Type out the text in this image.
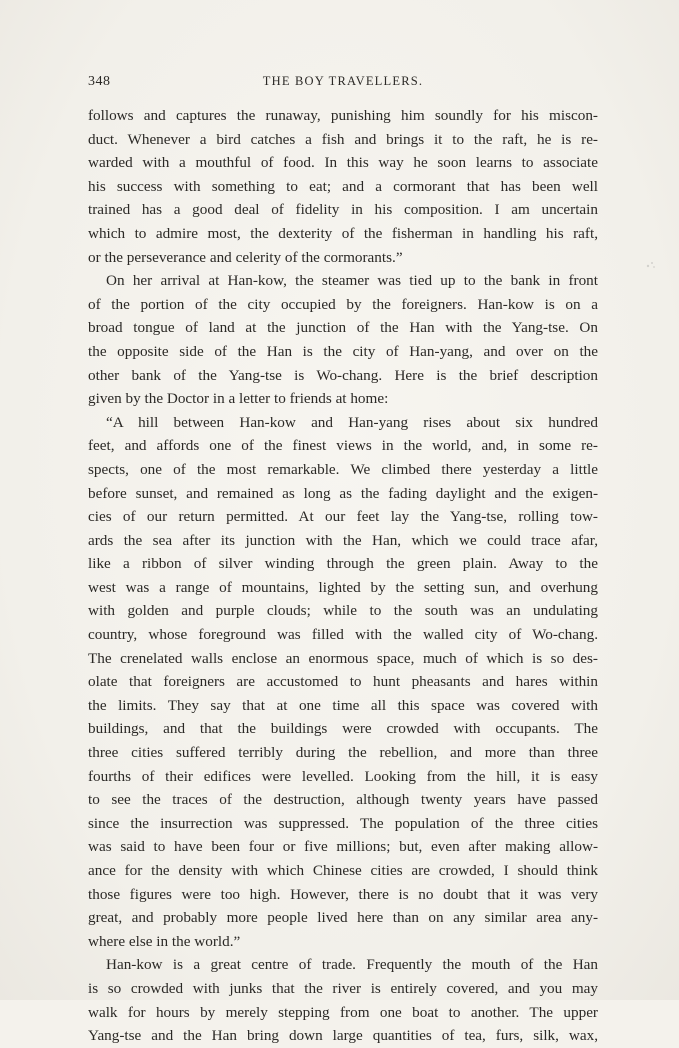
348	THE BOY TRAVELLERS.
follows and captures the runaway, punishing him soundly for his miscon-
duct. Whenever a bird catches a fish and brings it to the raft, he is re-
warded with a mouthful of food. In this way he soon learns to associate
his success with something to eat; and a cormorant that has been well
trained has a good deal of fidelity in his composition. I am uncertain
which to admire most, the dexterity of the fisherman in handling his raft,
or the perseverance and celerity of the cormorants.”
On her arrival at Han-kow, the steamer was tied up to the bank in front
of the portion of the city occupied by the foreigners. Han-kow is on a
broad tongue of land at the junction of the Han with the Yang-tse. On
the opposite side of the Han is the city of Han-yang, and over on the
other bank of the Yang-tse is Wo-chang. Here is the brief description
given by the Doctor in a letter to friends at home:
“A hill between Han-kow and Han-yang rises about six hundred
feet, and affords one of the finest views in the world, and, in some re-
spects, one of the most remarkable. We climbed there yesterday a little
before sunset, and remained as long as the fading daylight and the exigen-
cies of our return permitted. At our feet lay the Yang-tse, rolling tow-
ards the sea after its junction with the Han, which we could trace afar,
like a ribbon of silver winding through the green plain. Away to the
west was a range of mountains, lighted by the setting sun, and overhung
with golden and purple clouds; while to the south was an undulating
country, whose foreground was filled with the walled city of Wo-chang.
The crenelated walls enclose an enormous space, much of which is so des-
olate that foreigners are accustomed to hunt pheasants and hares within
the limits. They say that at one time all this space was covered with
buildings, and that the buildings were crowded with occupants. The
three cities suffered terribly during the rebellion, and more than three
fourths of their edifices were levelled. Looking from the hill, it is easy
to see the traces of the destruction, although twenty years have passed
since the insurrection was suppressed. The population of the three cities
was said to have been four or five millions; but, even after making allow-
ance for the density with which Chinese cities are crowded, I should think
those figures were too high. However, there is no doubt that it was very
great, and probably more people lived here than on any similar area any-
where else in the world.”
Han-kow is a great centre of trade. Frequently the mouth of the Han
is so crowded with junks that the river is entirely covered, and you may
walk for hours by merely stepping from one boat to another. The upper
Yang-tse and the Han bring down large quantities of tea, furs, silk, wax,
